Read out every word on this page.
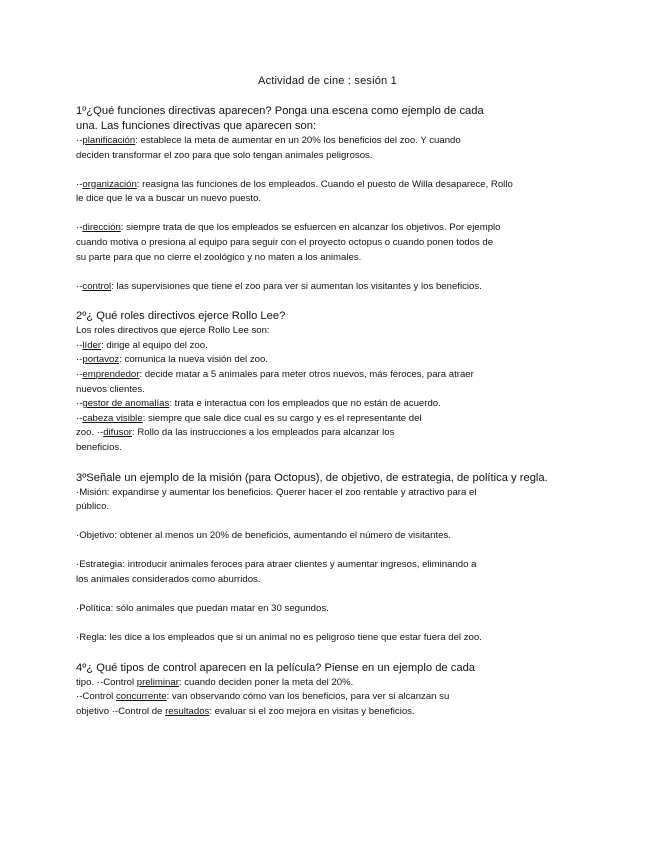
Actividad de cine : sesión 1

1º¿Qué funciones directivas aparecen? Ponga una escena como ejemplo de cada

una. Las funciones directivas que aparecen son:

·-planificación: establece la meta de aumentar en un 20% los beneficios del zoo. Y cuando

deciden transformar el zoo para que solo tengan animales peligrosos.

·-organización: reasigna las funciones de los empleados. Cuando el puesto de Willa desaparece, Rollo

le dice que le va a buscar un nuevo puesto.

·-dirección: siempre trata de que los empleados se esfuercen en alcanzar los objetivos. Por ejemplo

cuando motiva o presiona al equipo para seguir con el proyecto octopus o cuando ponen todos de

su parte para que no cierre el zoológico y no maten a los animales.

·-control: las supervisiones que tiene el zoo para ver si aumentan los visitantes y los beneficios.

2º¿ Qué roles directivos ejerce Rollo Lee?

Los roles directivos que ejerce Rollo Lee son:

·-líder: dirige al equipo del zoo.

·-portavoz: comunica la nueva visión del zoo.

·-emprendedor: decide matar a 5 animales para meter otros nuevos, más feroces, para atraer

nuevos clientes.

·-gestor de anomalías: trata e interactua con los empleados que no están de acuerdo.

·-cabeza visible: siempre que sale dice cual es su cargo y es el representante del

zoo. ·-difusor: Rollo da las instrucciones a los empleados para alcanzar los

beneficios.

3ºSeñale un ejemplo de la misión (para Octopus), de objetivo, de estrategia, de política y regla.

·Misión: expandirse y aumentar los beneficios. Querer hacer el zoo rentable y atractivo para el

público.

·Objetivo: obtener al menos un 20% de beneficios, aumentando el número de visitantes.

·Estrategia: introducir animales feroces para atraer clientes y aumentar ingresos, eliminando a

los animales considerados como aburridos.

·Política: sólo animales que puedan matar en 30 segundos.

·Regla: les dice a los empleados que si un animal no es peligroso tiene que estar fuera del zoo.

4º¿ Qué tipos de control aparecen en la película? Piense en un ejemplo de cada

tipo. ·-Control preliminar: cuando deciden poner la meta del 20%.

·-Control concurrente: van observando cómo van los beneficios, para ver si alcanzan su

objetivo ·-Control de resultados: evaluar si el zoo mejora en visitas y beneficios.
